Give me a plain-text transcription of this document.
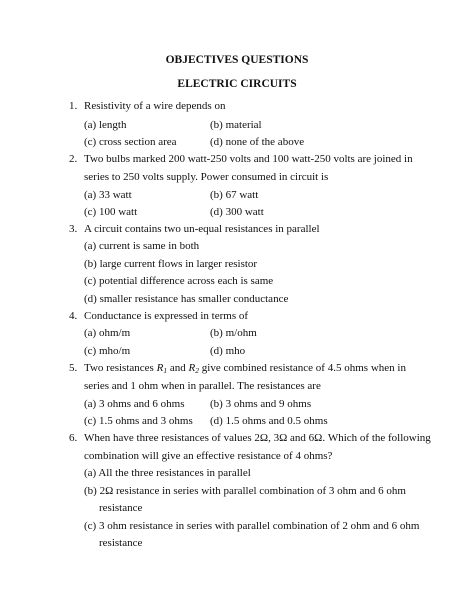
OBJECTIVES QUESTIONS
ELECTRIC CIRCUITS
1. Resistivity of a wire depends on
(a) length	(b) material
(c) cross section area	(d) none of the above
2. Two bulbs marked 200 watt-250 volts and 100 watt-250 volts are joined in
series to 250 volts supply. Power consumed in circuit is
(a) 33 watt	(b) 67 watt
(c) 100 watt	(d) 300 watt
3. A circuit contains two un-equal resistances in parallel
(a) current is same in both
(b) large current flows in larger resistor
(c) potential difference across each is same
(d) smaller resistance has smaller conductance
4. Conductance is expressed in terms of
(a) ohm/m	(b) m/ohm
(c) mho/m	(d) mho
5. Two resistances $R_1$ and $R_2$ give combined resistance of 4.5 ohms when in
series and 1 ohm when in parallel. The resistances are
(a) 3 ohms and 6 ohms (b) 3 ohms and 9 ohms
(c) 1.5 ohms and 3 ohms (d) 1.5 ohms and 0.5 ohms
6. When have three resistances of values 2Ω, 3Ω and 6Ω. Which of the following
combination will give an effective resistance of 4 ohms?
(a) All the three resistances in parallel
(b) 2Ω resistance in series with parallel combination of 3 ohm and 6 ohm
resistance
(c) 3 ohm resistance in series with parallel combination of 2 ohm and 6 ohm
resistance
